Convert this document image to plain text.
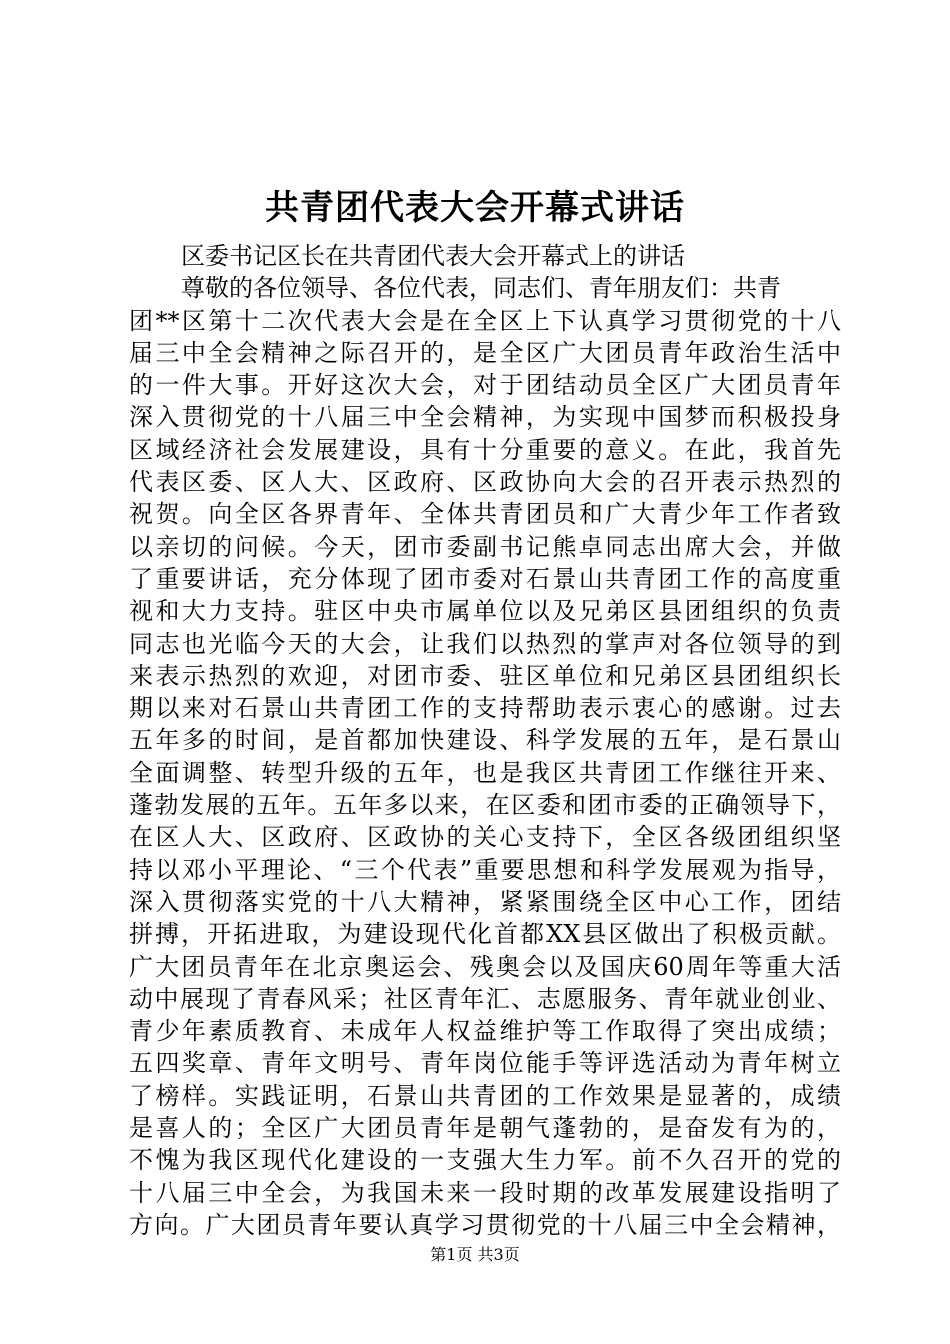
共青团代表大会开幕式讲话
区委书记区长在共青团代表大会开幕式上的讲话
尊敬的各位领导、各位代表，同志们、青年朋友们：共青
团**区第十二次代表大会是在全区上下认真学习贯彻党的十八
届三中全会精神之际召开的，是全区广大团员青年政治生活中
的一件大事。开好这次大会，对于团结动员全区广大团员青年
深入贯彻党的十八届三中全会精神，为实现中国梦而积极投身
区域经济社会发展建设，具有十分重要的意义。在此，我首先
代表区委、区人大、区政府、区政协向大会的召开表示热烈的
祝贺。向全区各界青年、全体共青团员和广大青少年工作者致
以亲切的问候。今天，团市委副书记熊卓同志出席大会，并做
了重要讲话，充分体现了团市委对石景山共青团工作的高度重
视和大力支持。驻区中央市属单位以及兄弟区县团组织的负责
同志也光临今天的大会，让我们以热烈的掌声对各位领导的到
来表示热烈的欢迎，对团市委、驻区单位和兄弟区县团组织长
期以来对石景山共青团工作的支持帮助表示衷心的感谢。过去
五年多的时间，是首都加快建设、科学发展的五年，是石景山
全面调整、转型升级的五年，也是我区共青团工作继往开来、
蓬勃发展的五年。五年多以来，在区委和团市委的正确领导下，
在区人大、区政府、区政协的关心支持下，全区各级团组织坚
持以邓小平理论、“三个代表”重要思想和科学发展观为指导，
深入贯彻落实党的十八大精神，紧紧围绕全区中心工作，团结
拼搏，开拓进取，为建设现代化首都XX县区做出了积极贡献。
广大团员青年在北京奥运会、残奥会以及国庆60周年等重大活
动中展现了青春风采；社区青年汇、志愿服务、青年就业创业、
青少年素质教育、未成年人权益维护等工作取得了突出成绩；
五四奖章、青年文明号、青年岗位能手等评选活动为青年树立
了榜样。实践证明，石景山共青团的工作效果是显著的，成绩
是喜人的；全区广大团员青年是朝气蓬勃的，是奋发有为的，
不愧为我区现代化建设的一支强大生力军。前不久召开的党的
十八届三中全会，为我国未来一段时期的改革发展建设指明了
方向。广大团员青年要认真学习贯彻党的十八届三中全会精神，
第1页 共3页
